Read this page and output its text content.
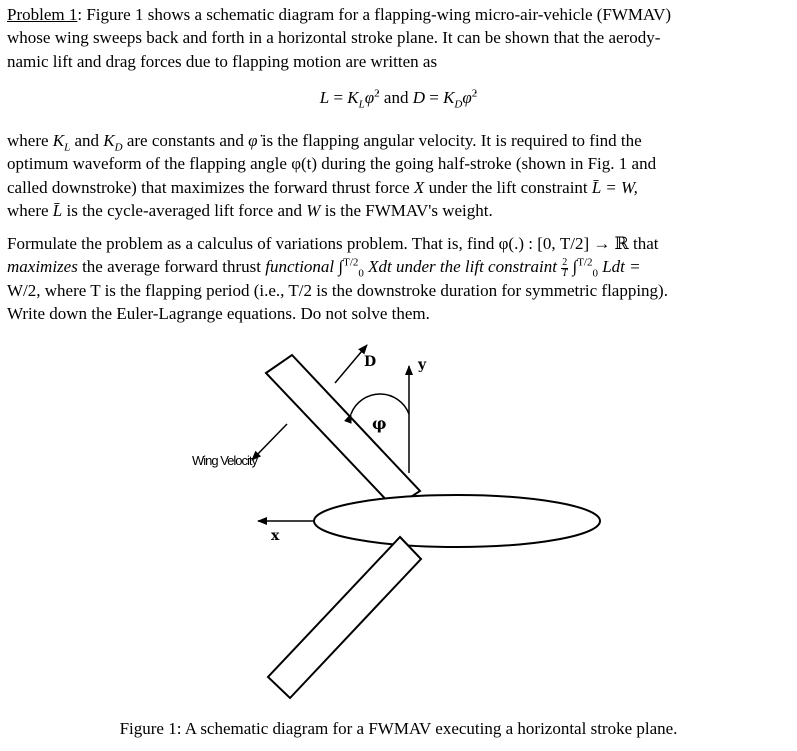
Problem 1: Figure 1 shows a schematic diagram for a flapping-wing micro-air-vehicle (FWMAV)
whose wing sweeps back and forth in a horizontal stroke plane. It can be shown that the aerody-
namic lift and drag forces due to flapping motion are written as
$L = K_L\varphi̇^2$ and $D = K_D\varphi̇^2$
where $K_L$ and $K_D$ are constants and φ̇ is the flapping angular velocity. It is required to find the
optimum waveform of the flapping angle φ(t) during the going half-stroke (shown in Fig. 1 and
called downstroke) that maximizes the forward thrust force X under the lift constraint L̄ = W,
where L̄ is the cycle-averaged lift force and W is the FWMAV's weight.
Formulate the problem as a calculus of variations problem. That is, find φ(.) : [0, T/2] → ℝ that
maximizes the average forward thrust functional ∫$^{T/2}_0$ Xdt under the lift constraint $\frac{2}{T} \int^{T/2}_0$ Ldt =
W/2, where T is the flapping period (i.e., T/2 is the downstroke duration for symmetric flapping).
Write down the Euler-Lagrange equations. Do not solve them.
D	y
φ
Wing Velocity
x
Figure 1: A schematic diagram for a FWMAV executing a horizontal stroke plane.
